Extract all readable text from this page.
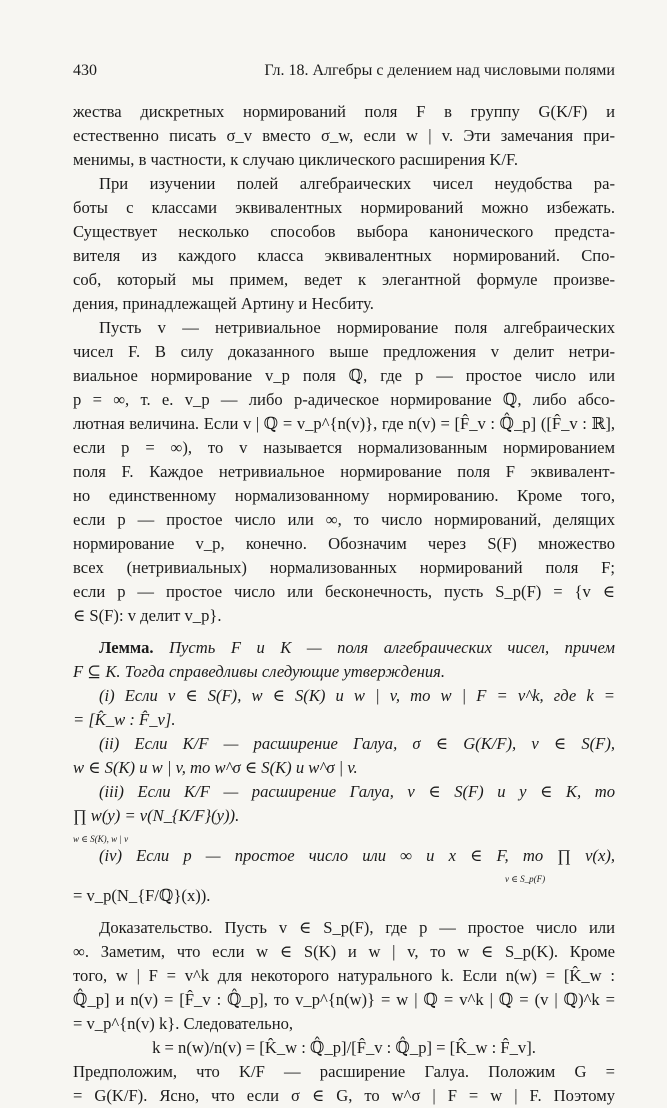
430	Гл. 18. Алгебры с делением над числовыми полями
жества дискретных нормирований поля F в группу G(K/F) и
естественно писать σ_v вместо σ_w, если w | v. Эти замечания при-
менимы, в частности, к случаю циклического расширения K/F.
При изучении полей алгебраических чисел неудобства ра-
боты с классами эквивалентных нормирований можно избежать.
Существует несколько способов выбора канонического предста-
вителя из каждого класса эквивалентных нормирований. Спо-
соб, который мы примем, ведет к элегантной формуле произве-
дения, принадлежащей Артину и Несбиту.
Пусть v — нетривиальное нормирование поля алгебраических
чисел F. В силу доказанного выше предложения v делит нетри-
виальное нормирование v_p поля ℚ, где p — простое число или
p = ∞, т. е. v_p — либо p-адическое нормирование ℚ, либо абсо-
лютная величина. Если v | ℚ = v_p^{n(v)}, где n(v) = [F̂_v : ℚ̂_p] ([F̂_v : ℝ],
если p = ∞), то v называется нормализованным нормированием
поля F. Каждое нетривиальное нормирование поля F эквивалент-
но единственному нормализованному нормированию. Кроме того,
если p — простое число или ∞, то число нормирований, делящих
нормирование v_p, конечно. Обозначим через S(F) множество
всех (нетривиальных) нормализованных нормирований поля F;
если p — простое число или бесконечность, пусть S_p(F) = {v ∈
∈ S(F): v делит v_p}.
Лемма. Пусть F и K — поля алгебраических чисел, причем
F ⊆ K. Тогда справедливы следующие утверждения.
(i) Если v ∈ S(F), w ∈ S(K) и w | v, то w | F = v^k, где k =
= [K̂_w : F̂_v].
(ii) Если K/F — расширение Галуа, σ ∈ G(K/F), v ∈ S(F),
w ∈ S(K) и w | v, то w^σ ∈ S(K) и w^σ | v.
(iii) Если K/F — расширение Галуа, v ∈ S(F) и y ∈ K, то
∏ w(y) = v(N_{K/F}(y)).
w ∈ S(K), w | v
(iv) Если p — простое число или ∞ и x ∈ F, то ∏ v(x),
v ∈ S_p(F)
= v_p(N_{F/ℚ}(x)).
Доказательство. Пусть v ∈ S_p(F), где p — простое число или
∞. Заметим, что если w ∈ S(K) и w | v, то w ∈ S_p(K). Кроме
того, w | F = v^k для некоторого натурального k. Если n(w) = [K̂_w :
ℚ̂_p] и n(v) = [F̂_v : ℚ̂_p], то v_p^{n(w)} = w | ℚ = v^k | ℚ = (v | ℚ)^k =
= v_p^{n(v) k}. Следовательно,
k = n(w)/n(v) = [K̂_w : ℚ̂_p]/[F̂_v : ℚ̂_p] = [K̂_w : F̂_v].
Предположим, что K/F — расширение Галуа. Положим G =
= G(K/F). Ясно, что если σ ∈ G, то w^σ | F = w | F. Поэтому
